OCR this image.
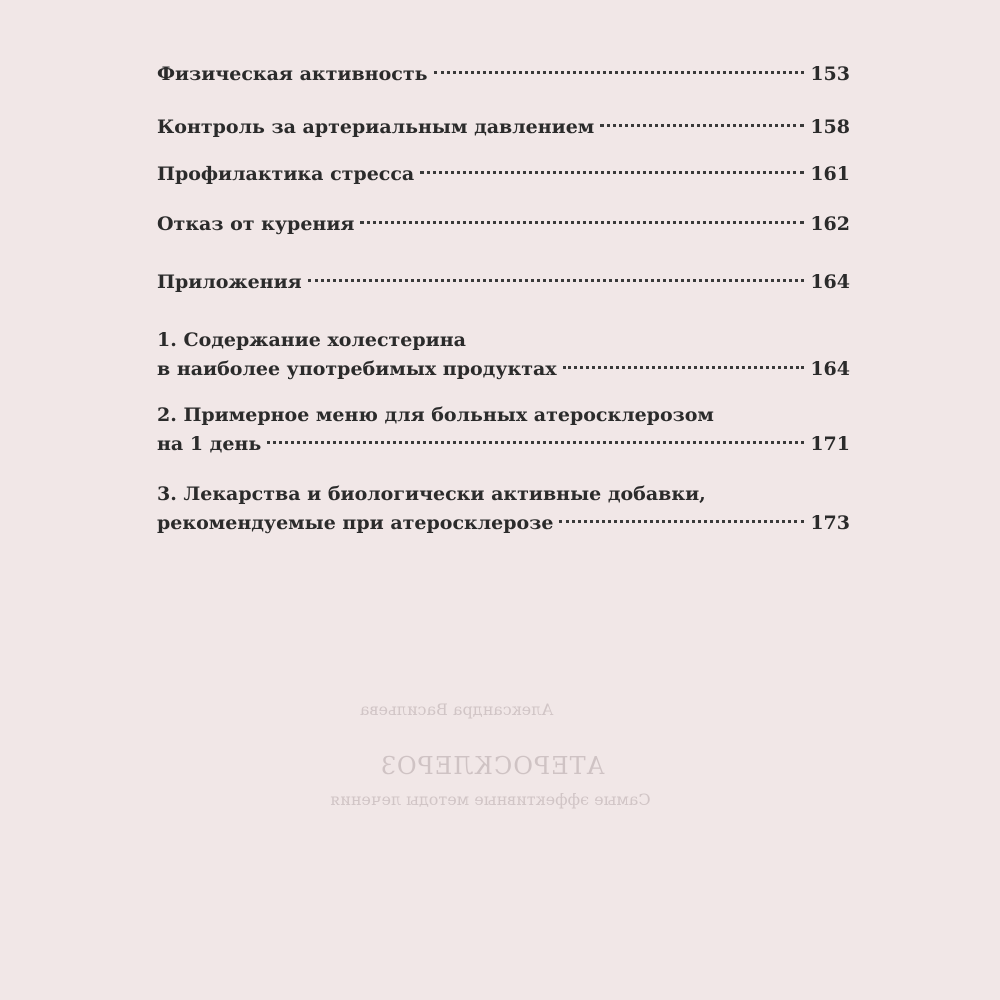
Александра Васильева
АТЕРОСКЛЕРОЗ
Самые эффективные методы лечения
Физическая активность	153
Контроль за артериальным давлением	158
Профилактика стресса	161
Отказ от курения	162
Приложения	164
1. Содержание холестерина
в наиболее употребимых продуктах	164
2. Примерное меню для больных атеросклерозом
на 1 день	171
3. Лекарства и биологически активные добавки,
рекомендуемые при атеросклерозе	173
